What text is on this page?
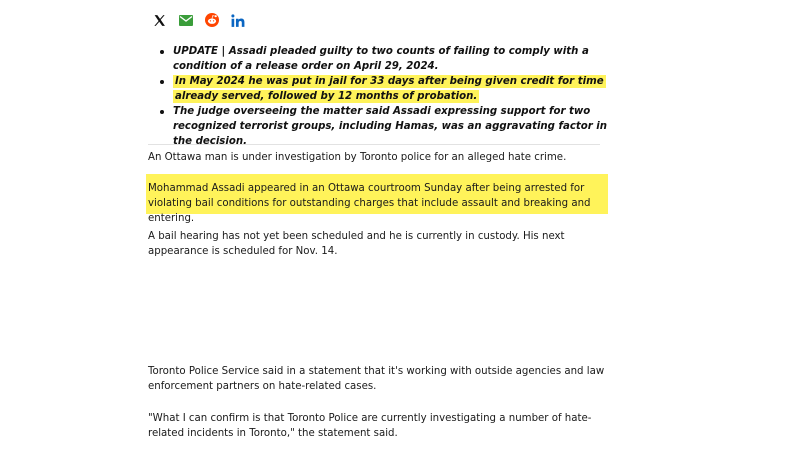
UPDATE | Assadi pleaded guilty to two counts of failing to comply with a condition of a release order on April 29, 2024.
In May 2024 he was put in jail for 33 days after being given credit for time already served, followed by 12 months of probation.
The judge overseeing the matter said Assadi expressing support for two recognized terrorist groups, including Hamas, was an aggravating factor in the decision.

An Ottawa man is under investigation by Toronto police for an alleged hate crime.

Mohammad Assadi appeared in an Ottawa courtroom Sunday after being arrested for violating bail conditions for outstanding charges that include assault and breaking and entering.

A bail hearing has not yet been scheduled and he is currently in custody. His next appearance is scheduled for Nov. 14.

Toronto Police Service said in a statement that it's working with outside agencies and law enforcement partners on hate-related cases.

"What I can confirm is that Toronto Police are currently investigating a number of hate-related incidents in Toronto," the statement said.
